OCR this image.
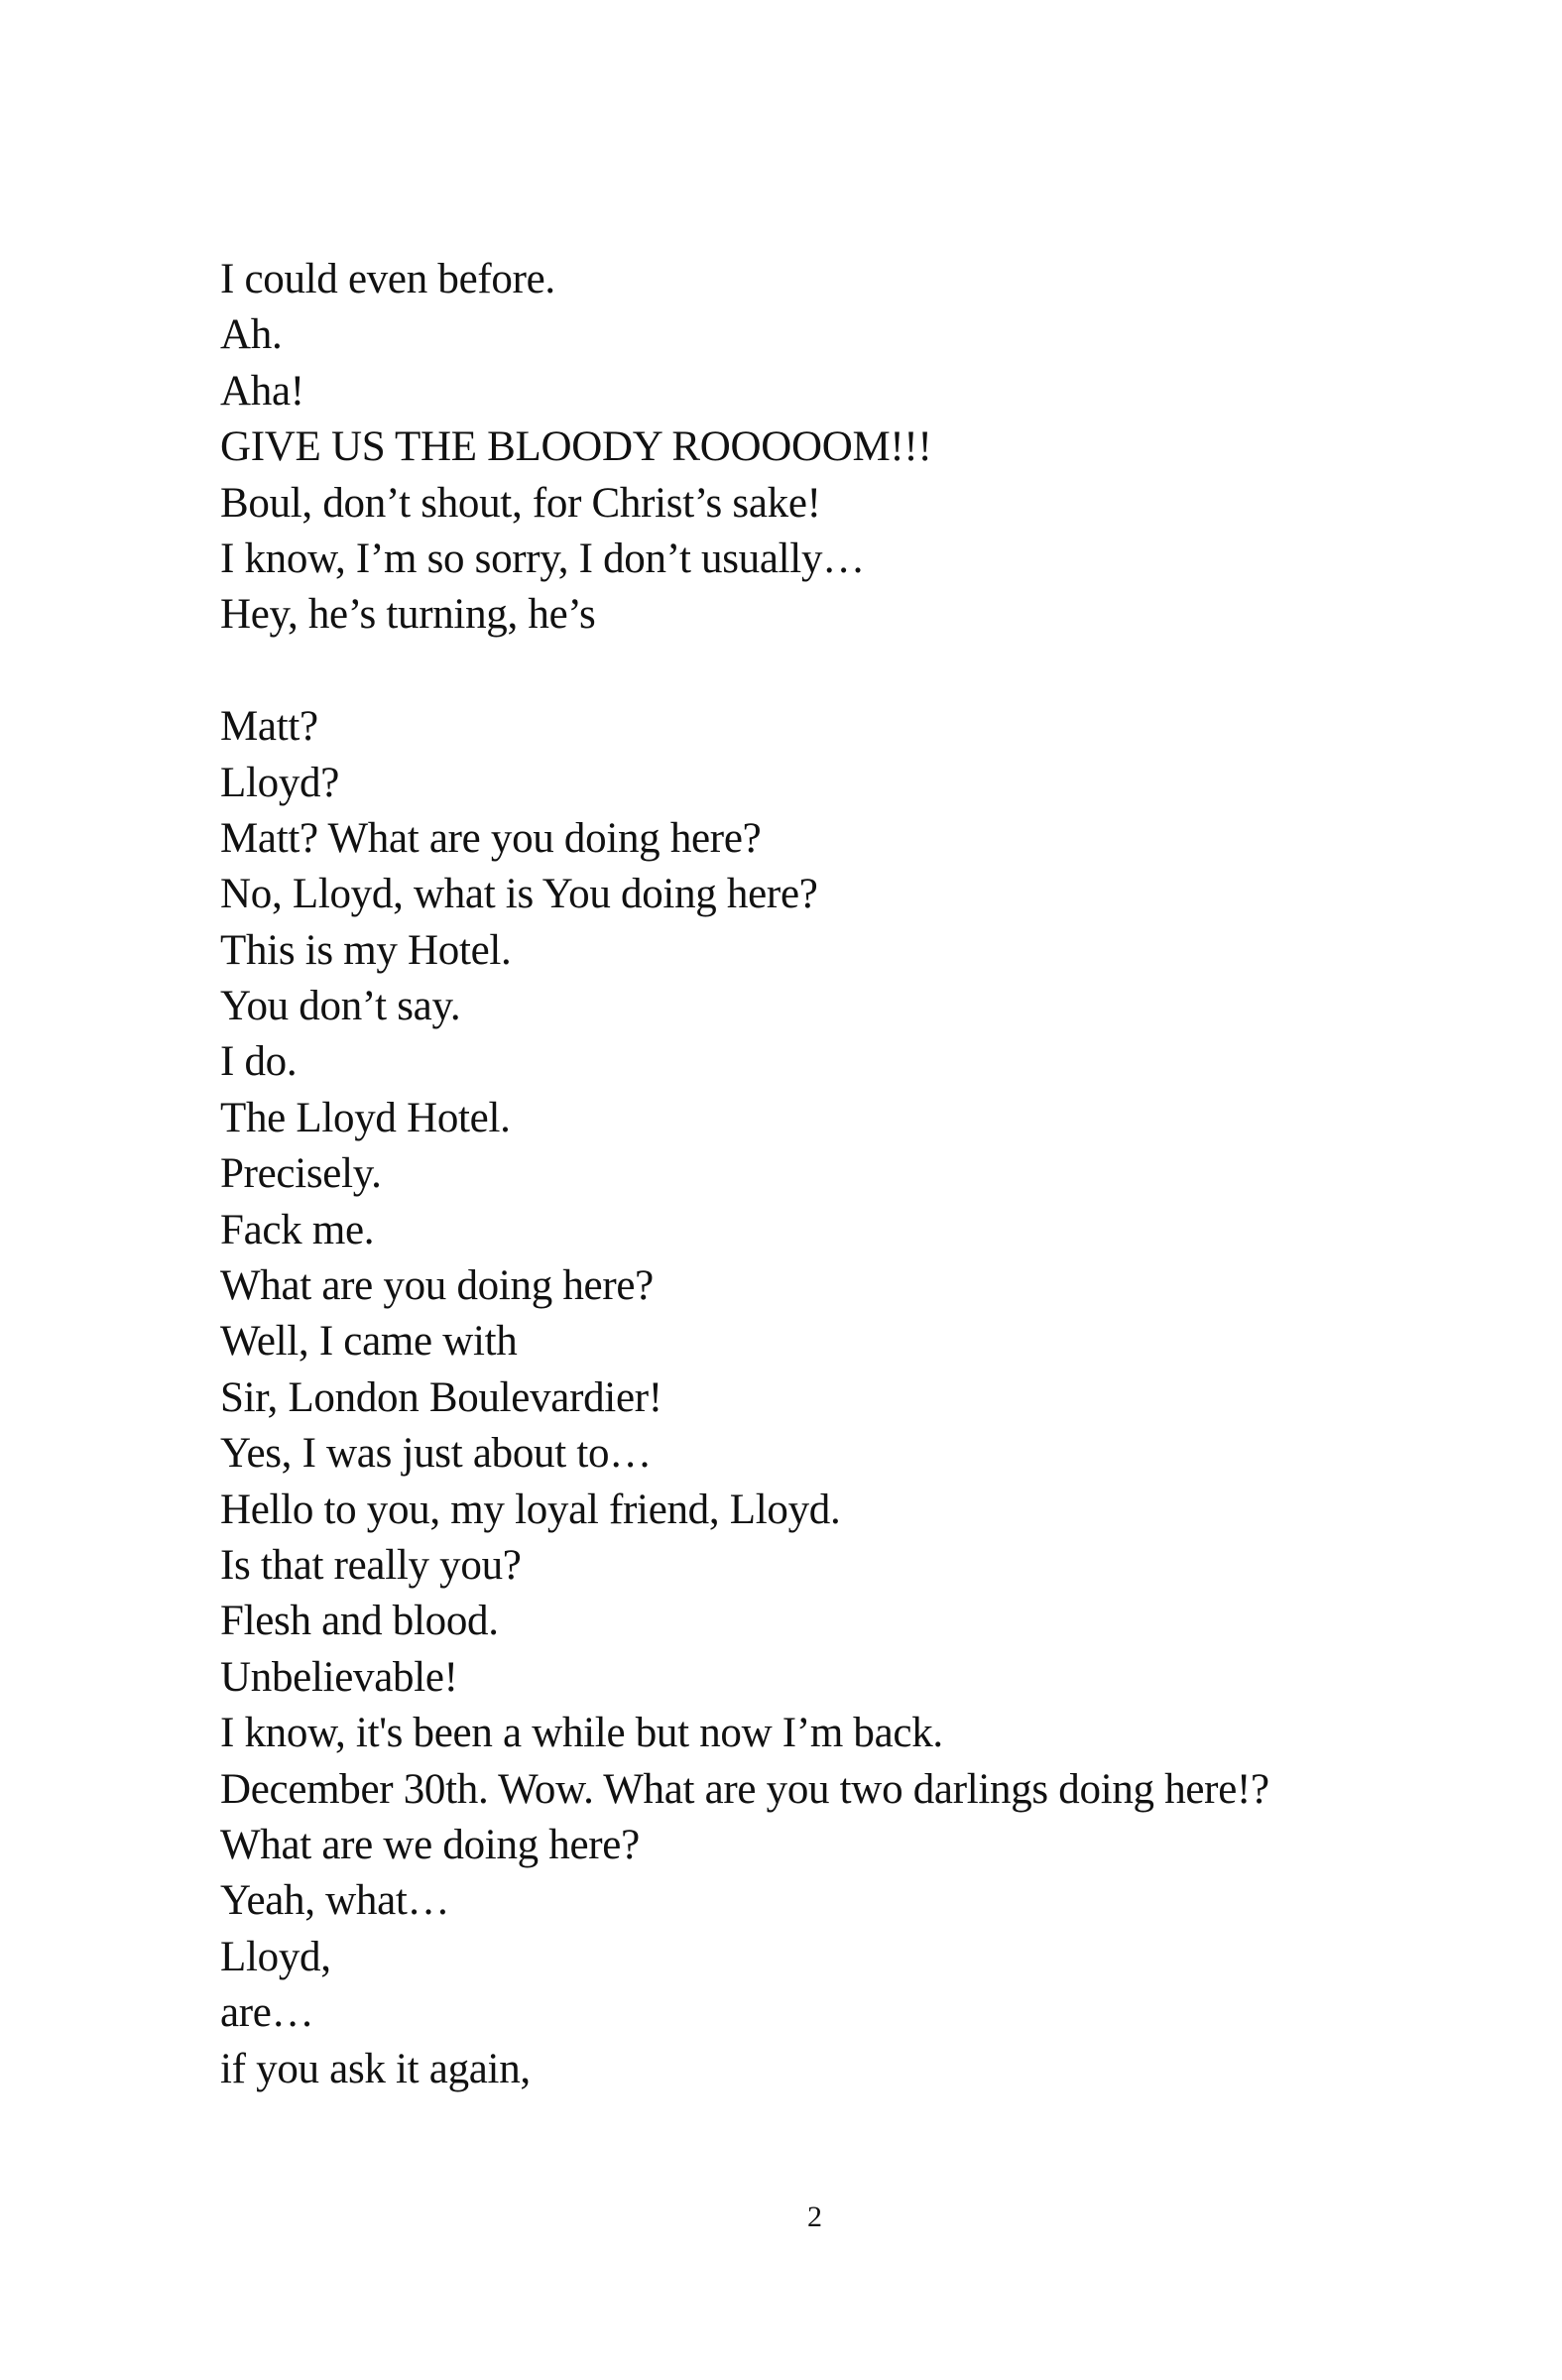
I could even before.
Ah.
Aha!
GIVE US THE BLOODY ROOOOOM!!!
Boul, don’t shout, for Christ’s sake!
I know, I’m so sorry, I don’t usually…
Hey, he’s turning, he’s
Matt?
Lloyd?
Matt? What are you doing here?
No, Lloyd, what is You doing here?
This is my Hotel.
You don’t say.
I do.
The Lloyd Hotel.
Precisely.
Fack me.
What are you doing here?
Well, I came with
Sir, London Boulevardier!
Yes, I was just about to…
Hello to you, my loyal friend, Lloyd.
Is that really you?
Flesh and blood.
Unbelievable!
I know, it's been a while but now I’m back.
December 30th. Wow. What are you two darlings doing here!?
What are we doing here?
Yeah, what…
Lloyd,
are…
if you ask it again,
2
